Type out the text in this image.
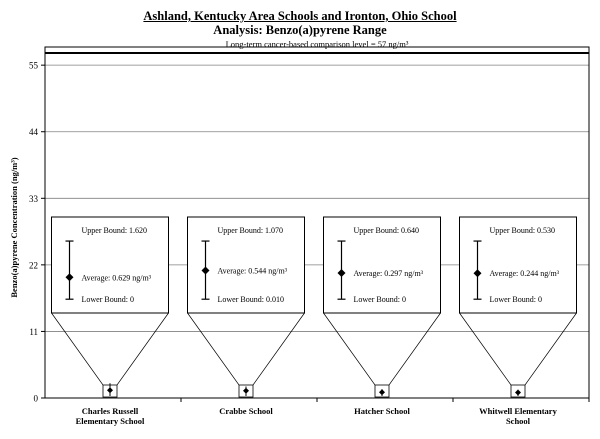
Ashland, Kentucky Area Schools and Ironton, Ohio School
Analysis: Benzo(a)pyrene Range
0
11
22
33
44
55
Benzo(a)pyrene Concentration (ng/m³)
Long-term cancer-based comparison level = 57 ng/m³
Upper Bound: 1.620
Average: 0.629 ng/m³
Lower Bound: 0
Charles Russell
Elementary School
Upper Bound: 1.070
Average: 0.544 ng/m³
Lower Bound: 0.010
Crabbe School
Upper Bound: 0.640
Average: 0.297 ng/m³
Lower Bound: 0
Hatcher School
Upper Bound: 0.530
Average: 0.244 ng/m³
Lower Bound: 0
Whitwell Elementary
School
